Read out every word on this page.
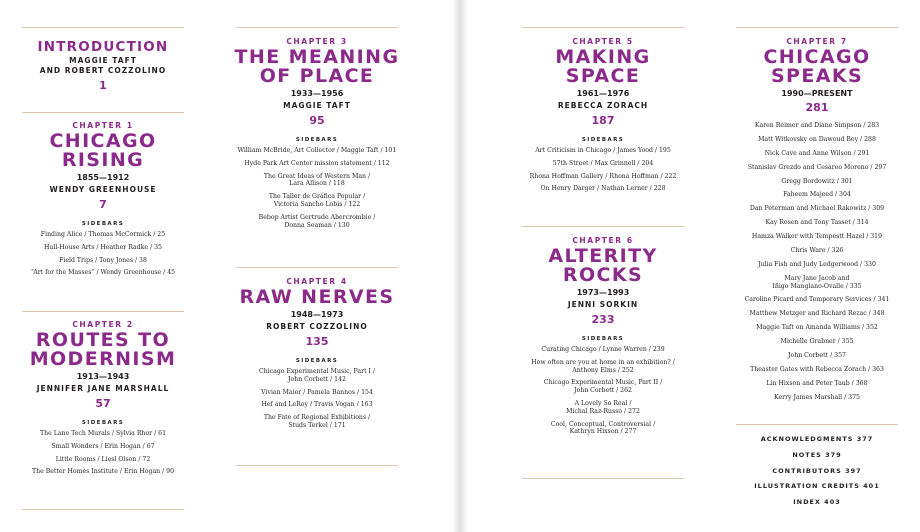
INTRODUCTION
MAGGIE TAFT
AND ROBERT COZZOLINO
1
CHAPTER 1
CHICAGO
RISING
1855—1912
WENDY GREENHOUSE
7
SIDEBARS
Finding Alice / Thomas McCormick / 25
Hull-House Arts / Heather Radke / 35
Field Trips / Tony Jones / 38
“Art for the Masses” / Wendy Greenhouse / 45
CHAPTER 2
ROUTES TO
MODERNISM
1913—1943
JENNIFER JANE MARSHALL
57
SIDEBARS
The Lane Tech Murals / Sylvia Rhor / 61
Small Wonders / Erin Hogan / 67
Little Rooms / Liesl Olson / 72
The Better Homes Institute / Erin Hogan / 90
CHAPTER 3
THE MEANING
OF PLACE
1933—1956
MAGGIE TAFT
95
SIDEBARS
William McBride, Art Collector / Maggie Taft / 101
Hyde Park Art Center mission statement / 112
The Great Ideas of Western Man /
Lara Allison / 118
The Taller de Gráfica Popular /
Victoria Sancho Lobis / 122
Bebop Artist Gertrude Abercrombie /
Donna Seaman / 130
CHAPTER 4
RAW NERVES
1948—1973
ROBERT COZZOLINO
135
SIDEBARS
Chicago Experimental Music, Part I /
John Corbett / 142
Vivian Maier / Pamela Bannos / 154
Hef and LeRoy / Travis Vogan / 163
The Fate of Regional Exhibitions /
Studs Terkel / 171
CHAPTER 5
MAKING
SPACE
1961—1976
REBECCA ZORACH
187
SIDEBARS
Art Criticism in Chicago / James Yood / 195
57th Street / Max Grinnell / 204
Rhona Hoffman Gallery / Rhona Hoffman / 222
On Henry Darger / Nathan Lerner / 228
CHAPTER 6
ALTERITY
ROCKS
1973—1993
JENNI SORKIN
233
SIDEBARS
Curating Chicago / Lynne Warren / 239
How often are you at home in an exhibition? /
Anthony Elms / 252
Chicago Experimental Music, Part II /
John Corbett / 262
A Lovely So Real /
Michal Raz-Russo / 272
Cool, Conceptual, Controversial /
Kathryn Hixson / 277
CHAPTER 7
CHICAGO
SPEAKS
1990—PRESENT
281
Karen Reimer and Diane Simpson / 283
Matt Witkovsky on Dawoud Bey / 288
Nick Cave and Anne Wilson / 291
Stanislav Grezdo and Cesáreo Moreno / 297
Gregg Bordowitz / 301
Faheem Majeed / 304
Dan Peterman and Michael Rakowitz / 309
Kay Rosen and Tony Tasset / 314
Hamza Walker with Tempestt Hazel / 319
Chris Ware / 326
Julia Fish and Judy Ledgerwood / 330
Mary Jane Jacob and
Iñigo Manglano-Ovalle / 335
Caroline Picard and Temporary Services / 341
Matthew Metzger and Richard Rezac / 348
Maggie Taft on Amanda Williams / 352
Michelle Grabner / 355
John Corbett / 357
Theaster Gates with Rebecca Zorach / 363
Lin Hixson and Peter Taub / 368
Kerry James Marshall / 375
ACKNOWLEDGMENTS 377
NOTES 379
CONTRIBUTORS 397
ILLUSTRATION CREDITS 401
INDEX 403
